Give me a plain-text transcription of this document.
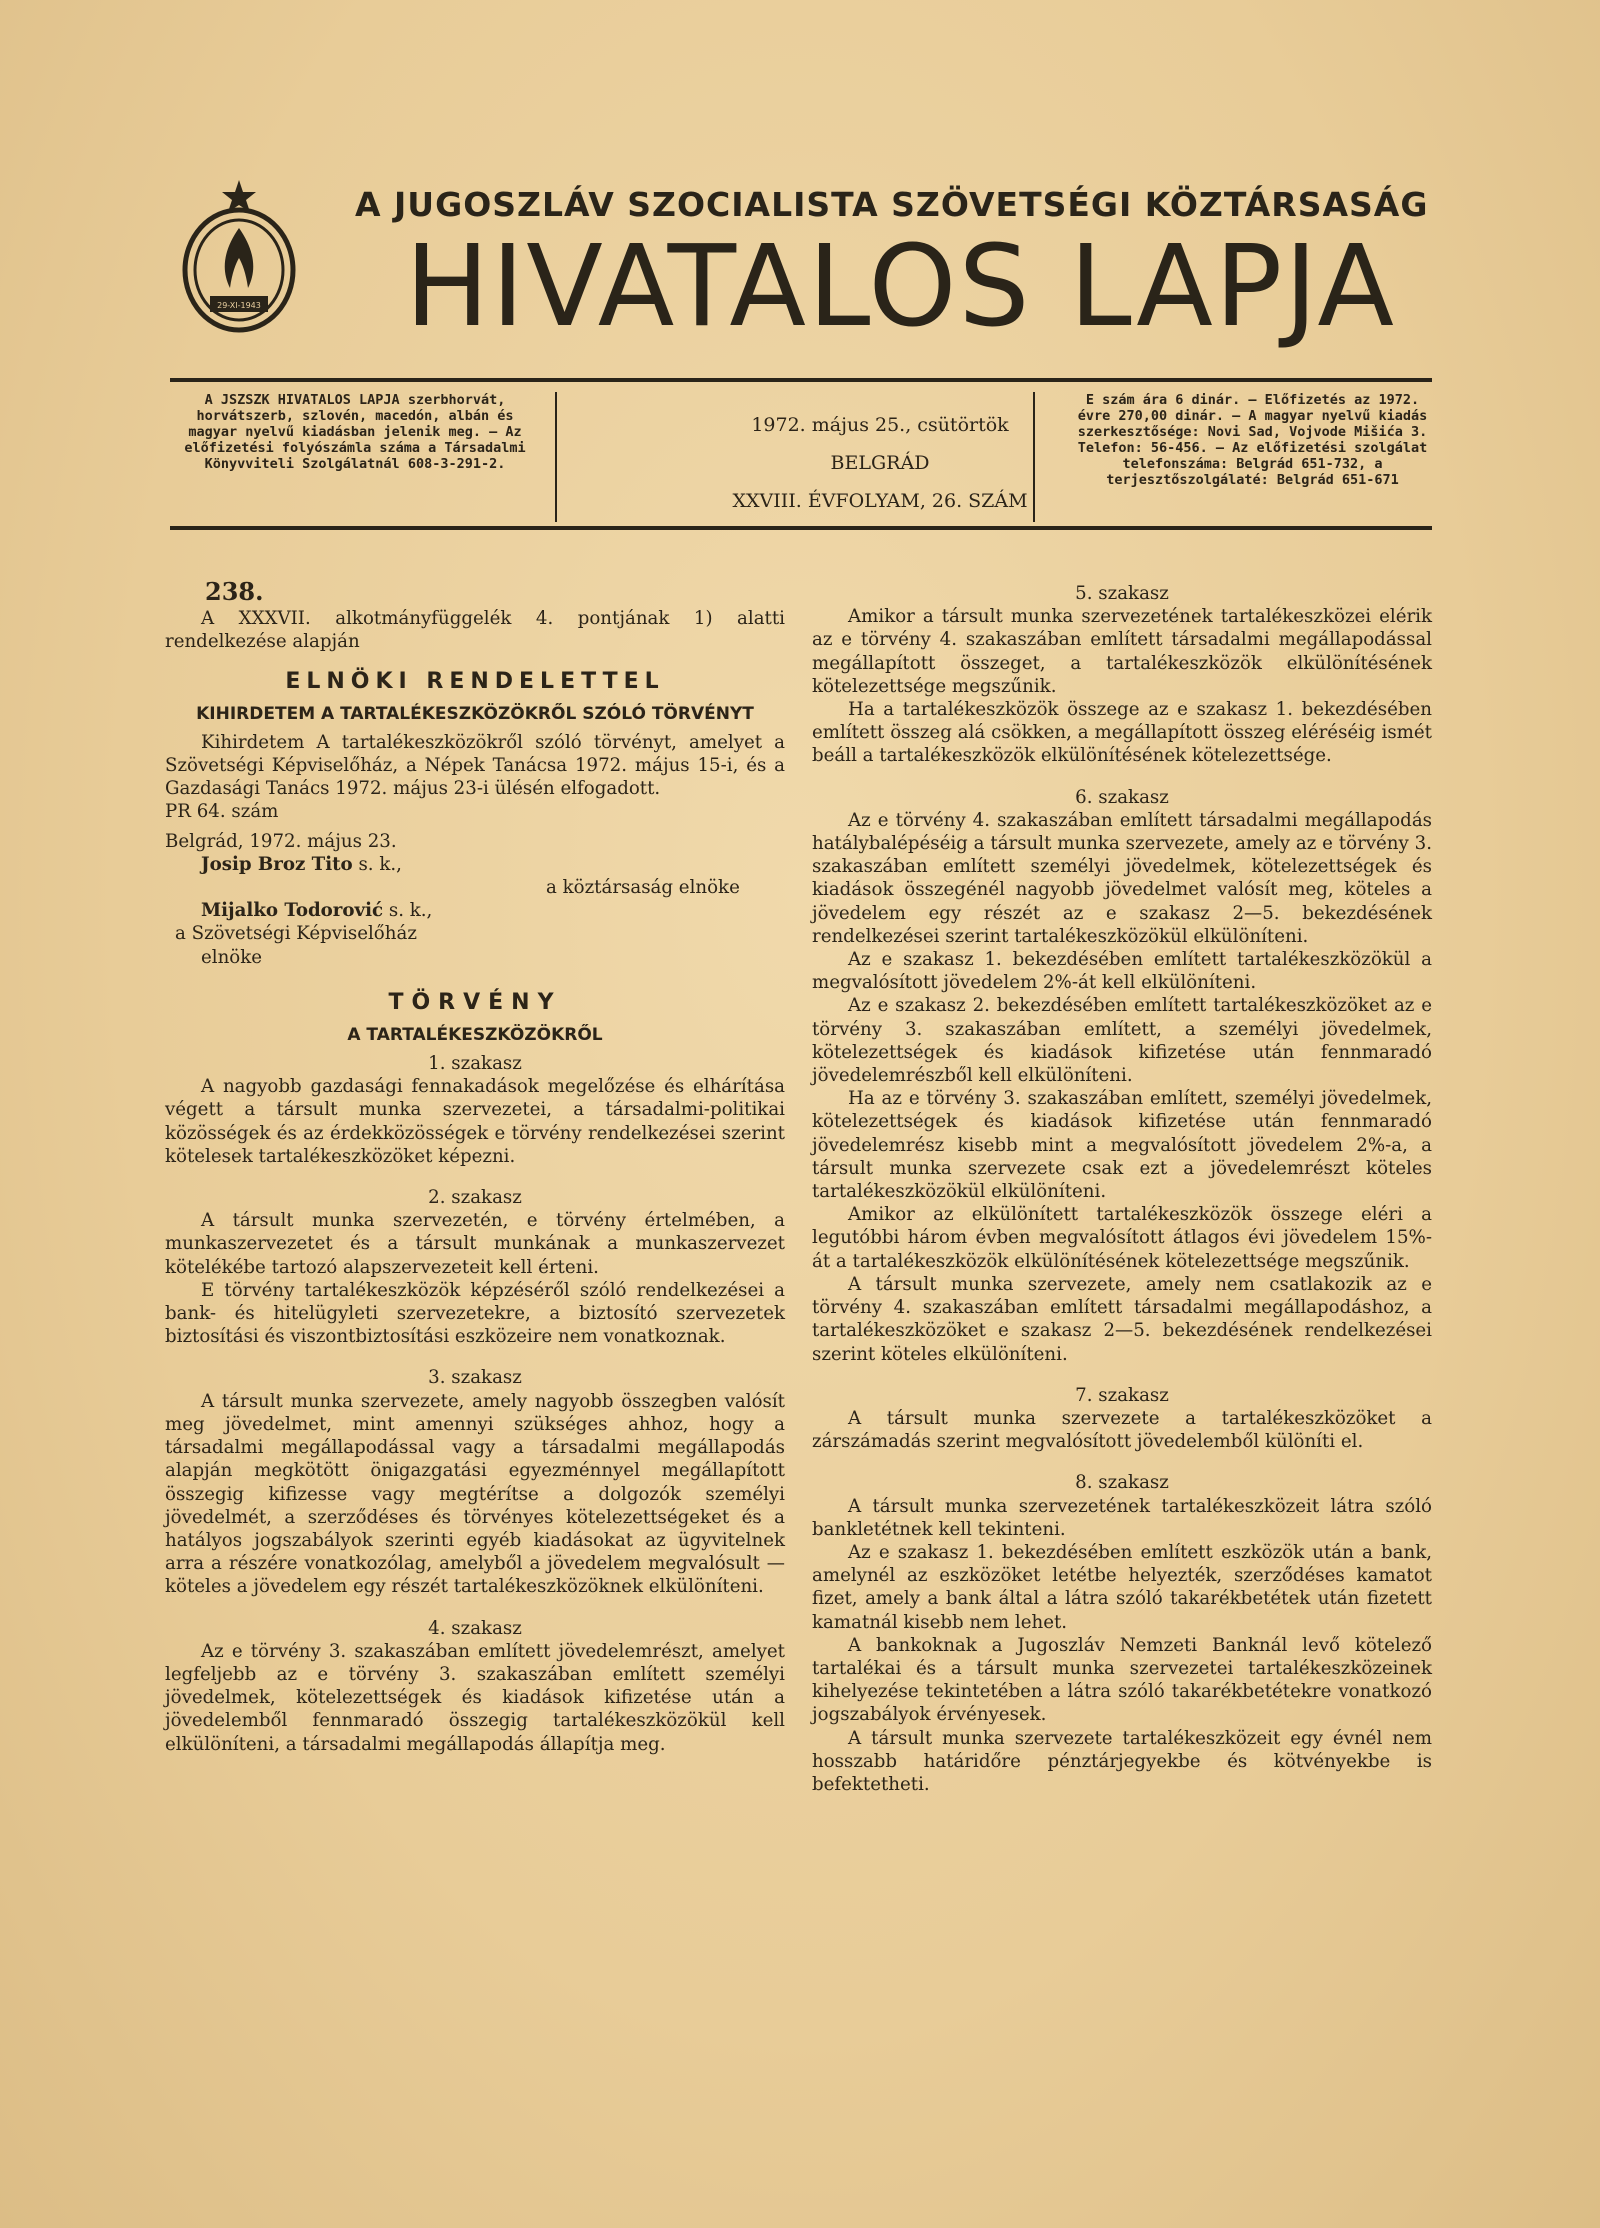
29-XI-1943
A JUGOSZLÁV SZOCIALISTA SZÖVETSÉGI KÖZTÁRSASÁG
HIVATALOS LAPJA
A JSZSZK HIVATALOS LAPJA szerbhorvát, horvátszerb, szlovén, macedón, albán és magyar nyelvű kiadásban jelenik meg. — Az előfizetési folyószámla száma a Társadalmi Könyvviteli Szolgálatnál 608-3-291-2.
1972. május 25., csütörtök
BELGRÁD
XXVIII. ÉVFOLYAM, 26. SZÁM
E szám ára 6 dinár. — Előfizetés az 1972. évre 270,00 dinár. — A magyar nyelvű kiadás szerkesztősége: Novi Sad, Vojvode Mišića 3. Telefon: 56-456. — Az előfizetési szolgálat telefonszáma: Belgrád 651-732, a terjesztőszolgálaté: Belgrád 651-671
238.

A XXXVII. alkotmányfüggelék 4. pontjának 1) alatti rendelkezése alapján

ELNÖKI RENDELETTEL
KIHIRDETEM A TARTALÉKESZKÖZÖKRŐL SZÓLÓ TÖRVÉNYT

Kihirdetem A tartalékeszközökről szóló törvényt, amelyet a Szövetségi Képviselőház, a Népek Tanácsa 1972. május 15-i, és a Gazdasági Tanács 1972. május 23-i ülésén elfogadott.

PR 64. szám

Belgrád, 1972. május 23.

Josip Broz Tito s. k.,

a köztársaság elnöke

Mijalko Todorović s. k.,

a Szövetségi Képviselőház

elnöke

TÖRVÉNY
A TARTALÉKESZKÖZÖKRŐL

1. szakasz

A nagyobb gazdasági fennakadások megelőzése és elhárítása végett a társult munka szervezetei, a társadalmi-politikai közösségek és az érdekközösségek e törvény rendelkezései szerint kötelesek tartalékeszközöket képezni.

2. szakasz

A társult munka szervezetén, e törvény értelmében, a munkaszervezetet és a társult munkának a munkaszervezet kötelékébe tartozó alapszervezeteit kell érteni.

E törvény tartalékeszközök képzéséről szóló rendelkezései a bank- és hitelügyleti szervezetekre, a biztosító szervezetek biztosítási és viszontbiztosítási eszközeire nem vonatkoznak.

3. szakasz

A társult munka szervezete, amely nagyobb összegben valósít meg jövedelmet, mint amennyi szükséges ahhoz, hogy a társadalmi megállapodással vagy a társadalmi megállapodás alapján megkötött önigazgatási egyezménnyel megállapított összegig kifizesse vagy megtérítse a dolgozók személyi jövedelmét, a szerződéses és törvényes kötelezettségeket és a hatályos jogszabályok szerinti egyéb kiadásokat az ügyvitelnek arra a részére vonatkozólag, amelyből a jövedelem megvalósult — köteles a jövedelem egy részét tartalékeszközöknek elkülöníteni.

4. szakasz

Az e törvény 3. szakaszában említett jövedelemrészt, amelyet legfeljebb az e törvény 3. szakaszában említett személyi jövedelmek, kötelezettségek és kiadások kifizetése után a jövedelemből fennmaradó összegig tartalékeszközökül kell elkülöníteni, a társadalmi megállapodás állapítja meg.

5. szakasz

Amikor a társult munka szervezetének tartalékeszközei elérik az e törvény 4. szakaszában említett társadalmi megállapodással megállapított összeget, a tartalékeszközök elkülönítésének kötelezettsége megszűnik.

Ha a tartalékeszközök összege az e szakasz 1. bekezdésében említett összeg alá csökken, a megállapított összeg eléréséig ismét beáll a tartalékeszközök elkülönítésének kötelezettsége.

6. szakasz

Az e törvény 4. szakaszában említett társadalmi megállapodás hatálybalépéséig a társult munka szervezete, amely az e törvény 3. szakaszában említett személyi jövedelmek, kötelezettségek és kiadások összegénél nagyobb jövedelmet valósít meg, köteles a jövedelem egy részét az e szakasz 2—5. bekezdésének rendelkezései szerint tartalékeszközökül elkülöníteni.

Az e szakasz 1. bekezdésében említett tartalékeszközökül a megvalósított jövedelem 2%-át kell elkülöníteni.

Az e szakasz 2. bekezdésében említett tartalékeszközöket az e törvény 3. szakaszában említett, a személyi jövedelmek, kötelezettségek és kiadások kifizetése után fennmaradó jövedelemrészből kell elkülöníteni.

Ha az e törvény 3. szakaszában említett, személyi jövedelmek, kötelezettségek és kiadások kifizetése után fennmaradó jövedelemrész kisebb mint a megvalósított jövedelem 2%-a, a társult munka szervezete csak ezt a jövedelemrészt köteles tartalékeszközökül elkülöníteni.

Amikor az elkülönített tartalékeszközök összege eléri a legutóbbi három évben megvalósított átlagos évi jövedelem 15%-át a tartalékeszközök elkülönítésének kötelezettsége megszűnik.

A társult munka szervezete, amely nem csatlakozik az e törvény 4. szakaszában említett társadalmi megállapodáshoz, a tartalékeszközöket e szakasz 2—5. bekezdésének rendelkezései szerint köteles elkülöníteni.

7. szakasz

A társult munka szervezete a tartalékeszközöket a zárszámadás szerint megvalósított jövedelemből különíti el.

8. szakasz

A társult munka szervezetének tartalékeszközeit látra szóló bankletétnek kell tekinteni.

Az e szakasz 1. bekezdésében említett eszközök után a bank, amelynél az eszközöket letétbe helyezték, szerződéses kamatot fizet, amely a bank által a látra szóló takarékbetétek után fizetett kamatnál kisebb nem lehet.

A bankoknak a Jugoszláv Nemzeti Banknál levő kötelező tartalékai és a társult munka szervezetei tartalékeszközeinek kihelyezése tekintetében a látra szóló takarékbetétekre vonatkozó jogszabályok érvényesek.

A társult munka szervezete tartalékeszközeit egy évnél nem hosszabb határidőre pénztárjegyekbe és kötvényekbe is befektetheti.
